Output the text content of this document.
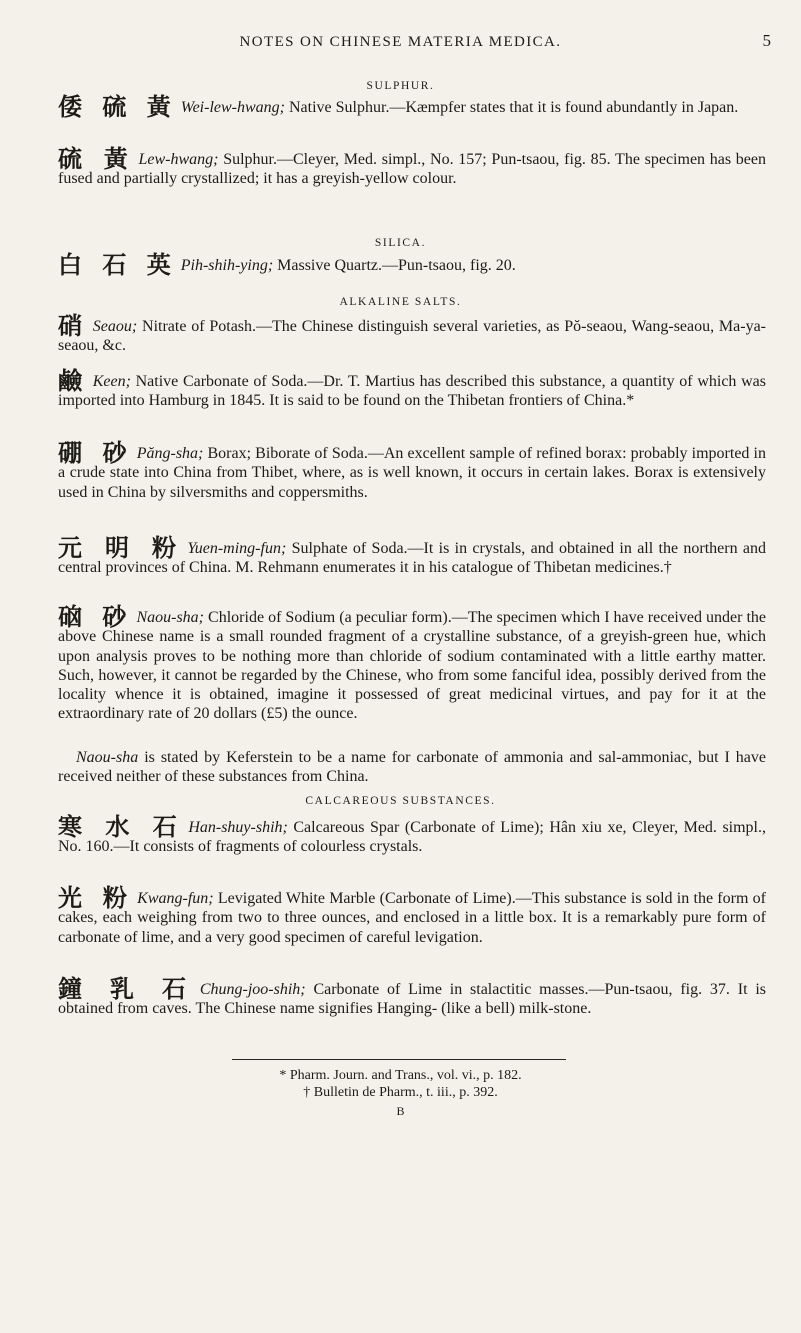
NOTES ON CHINESE MATERIA MEDICA.	5
SULPHUR.
倭 硫 黃 Wei-lew-hwang; Native Sulphur.—Kæmpfer states that it is found abundantly in Japan.
硫 黃 Lew-hwang; Sulphur.—Cleyer, Med. simpl., No. 157; Pun-tsaou, fig. 85. The specimen has been fused and partially crystallized; it has a greyish-yellow colour.
SILICA.
白 石 英 Pih-shih-ying; Massive Quartz.—Pun-tsaou, fig. 20.
ALKALINE SALTS.
硝 Seaou; Nitrate of Potash.—The Chinese distinguish several varieties, as Pŏ-seaou, Wang-seaou, Ma-ya-seaou, &c.
鹼 Keen; Native Carbonate of Soda.—Dr. T. Martius has described this substance, a quantity of which was imported into Hamburg in 1845. It is said to be found on the Thibetan frontiers of China.*
硼 砂 Păng-sha; Borax; Biborate of Soda.—An excellent sample of refined borax: probably imported in a crude state into China from Thibet, where, as is well known, it occurs in certain lakes. Borax is extensively used in China by silversmiths and coppersmiths.
元 明 粉 Yuen-ming-fun; Sulphate of Soda.—It is in crystals, and obtained in all the northern and central provinces of China. M. Rehmann enumerates it in his catalogue of Thibetan medicines.†
硇 砂 Naou-sha; Chloride of Sodium (a peculiar form).—The specimen which I have received under the above Chinese name is a small rounded fragment of a crystalline substance, of a greyish-green hue, which upon analysis proves to be nothing more than chloride of sodium contaminated with a little earthy matter. Such, however, it cannot be regarded by the Chinese, who from some fanciful idea, possibly derived from the locality whence it is obtained, imagine it possessed of great medicinal virtues, and pay for it at the extraordinary rate of 20 dollars (£5) the ounce.
Naou-sha is stated by Keferstein to be a name for carbonate of ammonia and sal-ammoniac, but I have received neither of these substances from China.
CALCAREOUS SUBSTANCES.
寒 水 石 Han-shuy-shih; Calcareous Spar (Carbonate of Lime); Hân xiu xe, Cleyer, Med. simpl., No. 160.—It consists of fragments of colourless crystals.
光 粉 Kwang-fun; Levigated White Marble (Carbonate of Lime).—This substance is sold in the form of cakes, each weighing from two to three ounces, and enclosed in a little box. It is a remarkably pure form of carbonate of lime, and a very good specimen of careful levigation.
鐘 乳 石 Chung-joo-shih; Carbonate of Lime in stalactitic masses.—Pun-tsaou, fig. 37. It is obtained from caves. The Chinese name signifies Hanging- (like a bell) milk-stone.
* Pharm. Journ. and Trans., vol. vi., p. 182.
† Bulletin de Pharm., t. iii., p. 392.
B
